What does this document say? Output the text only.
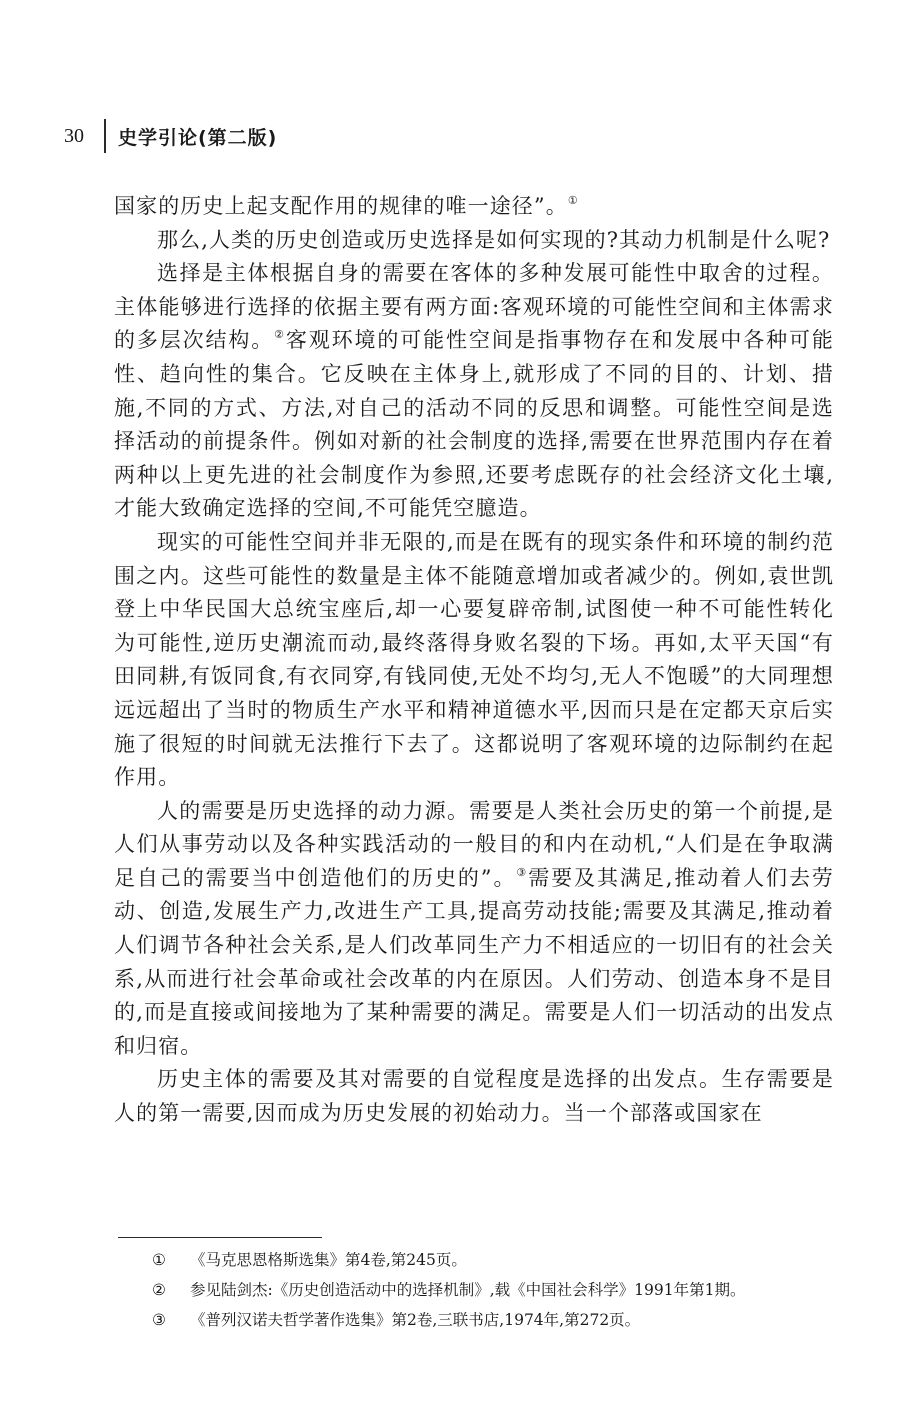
30	史学引论(第二版)

国家的历史上起支配作用的规律的唯一途径”。①

那么,人类的历史创造或历史选择是如何实现的?其动力机制是什么呢?

选择是主体根据自身的需要在客体的多种发展可能性中取舍的过程。主体能够进行选择的依据主要有两方面:客观环境的可能性空间和主体需求的多层次结构。②客观环境的可能性空间是指事物存在和发展中各种可能性、趋向性的集合。它反映在主体身上,就形成了不同的目的、计划、措施,不同的方式、方法,对自己的活动不同的反思和调整。可能性空间是选择活动的前提条件。例如对新的社会制度的选择,需要在世界范围内存在着两种以上更先进的社会制度作为参照,还要考虑既存的社会经济文化土壤,才能大致确定选择的空间,不可能凭空臆造。

现实的可能性空间并非无限的,而是在既有的现实条件和环境的制约范围之内。这些可能性的数量是主体不能随意增加或者减少的。例如,袁世凯登上中华民国大总统宝座后,却一心要复辟帝制,试图使一种不可能性转化为可能性,逆历史潮流而动,最终落得身败名裂的下场。再如,太平天国“有田同耕,有饭同食,有衣同穿,有钱同使,无处不均匀,无人不饱暖”的大同理想远远超出了当时的物质生产水平和精神道德水平,因而只是在定都天京后实施了很短的时间就无法推行下去了。这都说明了客观环境的边际制约在起作用。

人的需要是历史选择的动力源。需要是人类社会历史的第一个前提,是人们从事劳动以及各种实践活动的一般目的和内在动机,“人们是在争取满足自己的需要当中创造他们的历史的”。③需要及其满足,推动着人们去劳动、创造,发展生产力,改进生产工具,提高劳动技能;需要及其满足,推动着人们调节各种社会关系,是人们改革同生产力不相适应的一切旧有的社会关系,从而进行社会革命或社会改革的内在原因。人们劳动、创造本身不是目的,而是直接或间接地为了某种需要的满足。需要是人们一切活动的出发点和归宿。

历史主体的需要及其对需要的自觉程度是选择的出发点。生存需要是人的第一需要,因而成为历史发展的初始动力。当一个部落或国家在

①	《马克思恩格斯选集》第4卷,第245页。
②	参见陆剑杰:《历史创造活动中的选择机制》,载《中国社会科学》1991年第1期。
③	《普列汉诺夫哲学著作选集》第2卷,三联书店,1974年,第272页。
